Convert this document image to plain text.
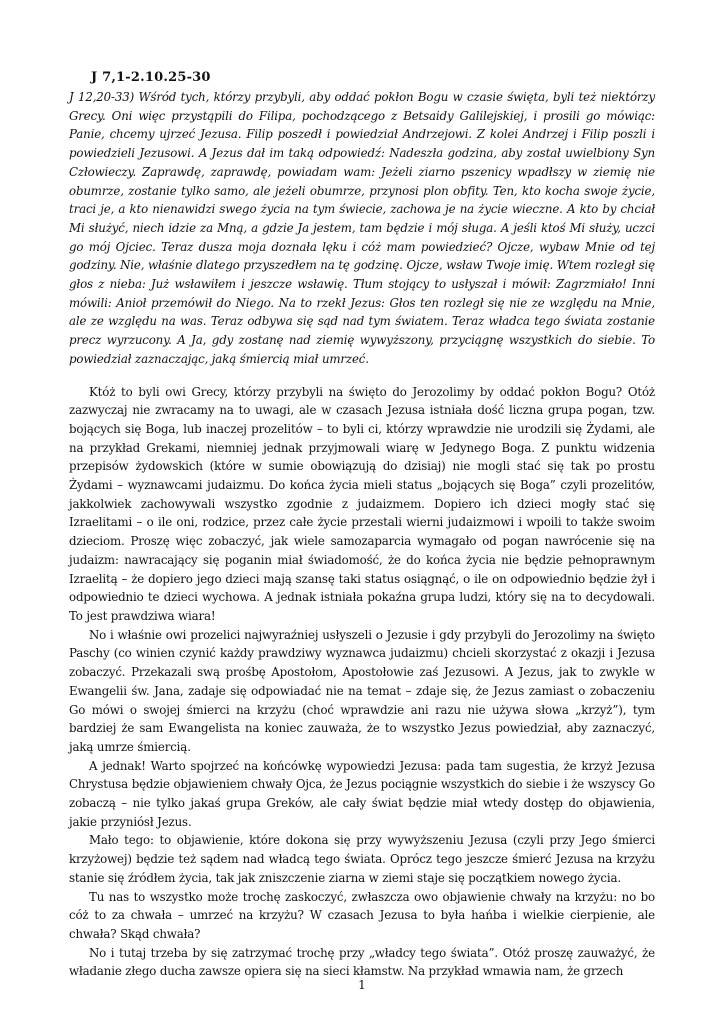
J 7,1-2.10.25-30

J 12,20-33) Wśród tych, którzy przybyli, aby oddać pokłon Bogu w czasie święta, byli też niektórzy Grecy. Oni więc przystąpili do Filipa, pochodzącego z Betsaidy Galilejskiej, i prosili go mówiąc: Panie, chcemy ujrzeć Jezusa. Filip poszedł i powiedział Andrzejowi. Z kolei Andrzej i Filip poszli i powiedzieli Jezusowi. A Jezus dał im taką odpowiedź: Nadeszła godzina, aby został uwielbiony Syn Człowieczy. Zaprawdę, zaprawdę, powiadam wam: Jeżeli ziarno pszenicy wpadłszy w ziemię nie obumrze, zostanie tylko samo, ale jeżeli obumrze, przynosi plon obfity. Ten, kto kocha swoje życie, traci je, a kto nienawidzi swego życia na tym świecie, zachowa je na życie wieczne. A kto by chciał Mi służyć, niech idzie za Mną, a gdzie Ja jestem, tam będzie i mój sługa. A jeśli ktoś Mi służy, uczci go mój Ojciec. Teraz dusza moja doznała lęku i cóż mam powiedzieć? Ojcze, wybaw Mnie od tej godziny. Nie, właśnie dlatego przyszedłem na tę godzinę. Ojcze, wsław Twoje imię. Wtem rozległ się głos z nieba: Już wsławiłem i jeszcze wsławię. Tłum stojący to usłyszał i mówił: Zagrzmiało! Inni mówili: Anioł przemówił do Niego. Na to rzekł Jezus: Głos ten rozległ się nie ze względu na Mnie, ale ze względu na was. Teraz odbywa się sąd nad tym światem. Teraz władca tego świata zostanie precz wyrzucony. A Ja, gdy zostanę nad ziemię wywyższony, przyciągnę wszystkich do siebie. To powiedział zaznaczając, jaką śmiercią miał umrzeć.

Któż to byli owi Grecy, którzy przybyli na święto do Jerozolimy by oddać pokłon Bogu? Otóż zazwyczaj nie zwracamy na to uwagi, ale w czasach Jezusa istniała dość liczna grupa pogan, tzw. bojących się Boga, lub inaczej prozelitów – to byli ci, którzy wprawdzie nie urodzili się Żydami, ale na przykład Grekami, niemniej jednak przyjmowali wiarę w Jedynego Boga. Z punktu widzenia przepisów żydowskich (które w sumie obowiązują do dzisiaj) nie mogli stać się tak po prostu Żydami – wyznawcami judaizmu. Do końca życia mieli status „bojących się Boga” czyli prozelitów, jakkolwiek zachowywali wszystko zgodnie z judaizmem. Dopiero ich dzieci mogły stać się Izraelitami – o ile oni, rodzice, przez całe życie przestali wierni judaizmowi i wpoili to także swoim dzieciom. Proszę więc zobaczyć, jak wiele samozaparcia wymagało od pogan nawrócenie się na judaizm: nawracający się poganin miał świadomość, że do końca życia nie będzie pełnoprawnym Izraelitą – że dopiero jego dzieci mają szansę taki status osiągnąć, o ile on odpowiednio będzie żył i odpowiednio te dzieci wychowa. A jednak istniała pokaźna grupa ludzi, który się na to decydowali. To jest prawdziwa wiara!

No i właśnie owi prozelici najwyraźniej usłyszeli o Jezusie i gdy przybyli do Jerozolimy na święto Paschy (co winien czynić każdy prawdziwy wyznawca judaizmu) chcieli skorzystać z okazji i Jezusa zobaczyć. Przekazali swą prośbę Apostołom, Apostołowie zaś Jezusowi. A Jezus, jak to zwykle w Ewangelii św. Jana, zadaje się odpowiadać nie na temat – zdaje się, że Jezus zamiast o zobaczeniu Go mówi o swojej śmierci na krzyżu (choć wprawdzie ani razu nie używa słowa „krzyż”), tym bardziej że sam Ewangelista na koniec zauważa, że to wszystko Jezus powiedział, aby zaznaczyć, jaką umrze śmiercią.

A jednak! Warto spojrzeć na końcówkę wypowiedzi Jezusa: pada tam sugestia, że krzyż Jezusa Chrystusa będzie objawieniem chwały Ojca, że Jezus pociągnie wszystkich do siebie i że wszyscy Go zobaczą – nie tylko jakaś grupa Greków, ale cały świat będzie miał wtedy dostęp do objawienia, jakie przyniósł Jezus.

Mało tego: to objawienie, które dokona się przy wywyższeniu Jezusa (czyli przy Jego śmierci krzyżowej) będzie też sądem nad władcą tego świata. Oprócz tego jeszcze śmierć Jezusa na krzyżu stanie się źródłem życia, tak jak zniszczenie ziarna w ziemi staje się początkiem nowego życia.

Tu nas to wszystko może trochę zaskoczyć, zwłaszcza owo objawienie chwały na krzyżu: no bo cóż to za chwała – umrzeć na krzyżu? W czasach Jezusa to była hańba i wielkie cierpienie, ale chwała? Skąd chwała?

No i tutaj trzeba by się zatrzymać trochę przy „władcy tego świata”. Otóż proszę zauważyć, że władanie złego ducha zawsze opiera się na sieci kłamstw. Na przykład wmawia nam, że grzech

1
